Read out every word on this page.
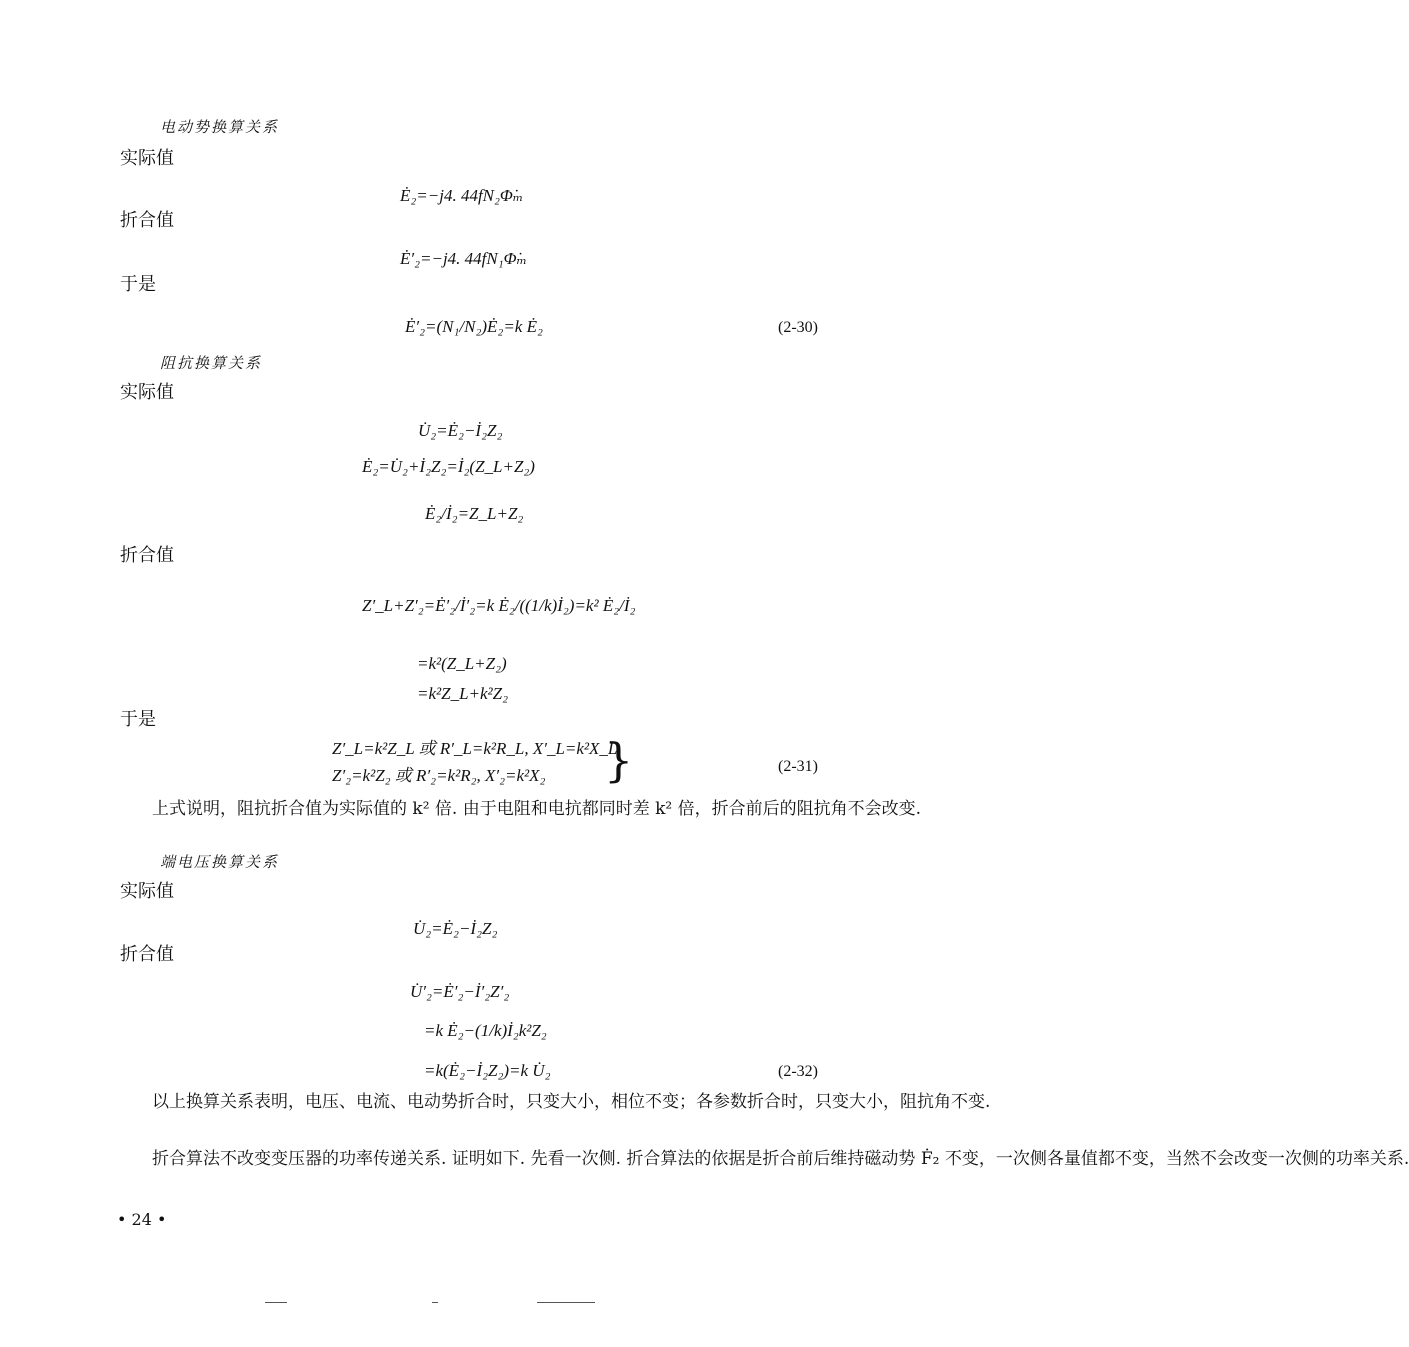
电动势换算关系
实际值
Ė₂=−j4. 44fN₂Φ̇ₘ
折合值
Ė′₂=−j4. 44fN₁Φ̇ₘ
于是
Ė′₂=(N₁/N₂)Ė₂=k Ė₂	(2-30)
阻抗换算关系
实际值
U̇₂=Ė₂−İ₂Z₂
Ė₂=U̇₂+İ₂Z₂=İ₂(Z_L+Z₂)
Ė₂/İ₂=Z_L+Z₂
折合值
Z′_L+Z′₂=Ė′₂/İ′₂=k Ė₂/((1/k)İ₂)=k² Ė₂/İ₂
=k²(Z_L+Z₂)
=k²Z_L+k²Z₂
于是
Z′_L=k²Z_L 或 R′_L=k²R_L, X′_L=k²X_L
Z′₂=k²Z₂ 或 R′₂=k²R₂, X′₂=k²X₂ }	(2-31)
上式说明，阻抗折合值为实际值的 k² 倍. 由于电阻和电抗都同时差 k² 倍，折合前后的阻抗角不会改变.
端电压换算关系
实际值
U̇₂=Ė₂−İ₂Z₂
折合值
U̇′₂=Ė′₂−İ′₂Z′₂
=k Ė₂−(1/k)İ₂k²Z₂
=k(Ė₂−İ₂Z₂)=k U̇₂	(2-32)
以上换算关系表明，电压、电流、电动势折合时，只变大小，相位不变；各参数折合时，只变大小，阻抗角不变.
折合算法不改变变压器的功率传递关系. 证明如下. 先看一次侧. 折合算法的依据是折合前后维持磁动势 Ḟ₂ 不变，一次侧各量值都不变，当然不会改变一次侧的功率关系.
• 24 •
